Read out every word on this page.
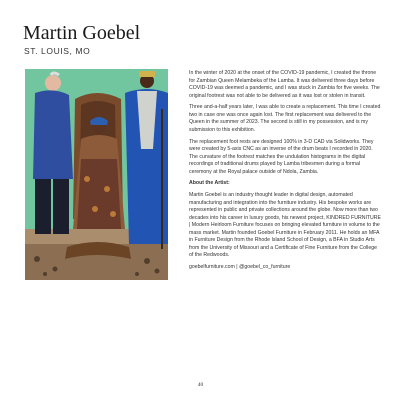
Martin Goebel
ST. LOUIS, MO

In the winter of 2020 at the onset of the COVID-19 pandemic, I created the throne for Zambian Queen Melambeka of the Lamba. It was delivered three days before COVID-19 was deemed a pandemic, and I was stuck in Zambia for five weeks. The original footrest was not able to be delivered as it was lost or stolen in transit.

Three and-a-half years later, I was able to create a replacement. This time I created two in case one was once again lost. The first replacement was delivered to the Queen in the summer of 2023. The second is still in my possession, and is my submission to this exhibition.

The replacement foot rests are designed 100% in 3-D CAD via Solidworks. They were created by 5-axis CNC as an inverse of the drum beats I recorded in 2020. The curvature of the footrest matches the undulation histograms in the digital recordings of traditional drums played by Lamba tribesmen during a formal ceremony at the Royal palace outside of Ndola, Zambia.

About the Artist:

Martin Goebel is an industry thought leader in digital design, automated manufacturing and integration into the furniture industry. His bespoke works are represented in public and private collections around the globe. Now more than two decades into his career in luxury goods, his newest project, KINDRED FURNITURE | Modern Heirloom Furniture focuses on bringing elevated furniture in volume to the mass market. Martin founded Goebel Furniture in February 2011. He holds an MFA in Furniture Design from the Rhode Island School of Design, a BFA in Studio Arts from the University of Missouri and a Certificate of Fine Furniture from the College of the Redwoods.

goebelfurniture.com | @goebel_co_furniture

40
